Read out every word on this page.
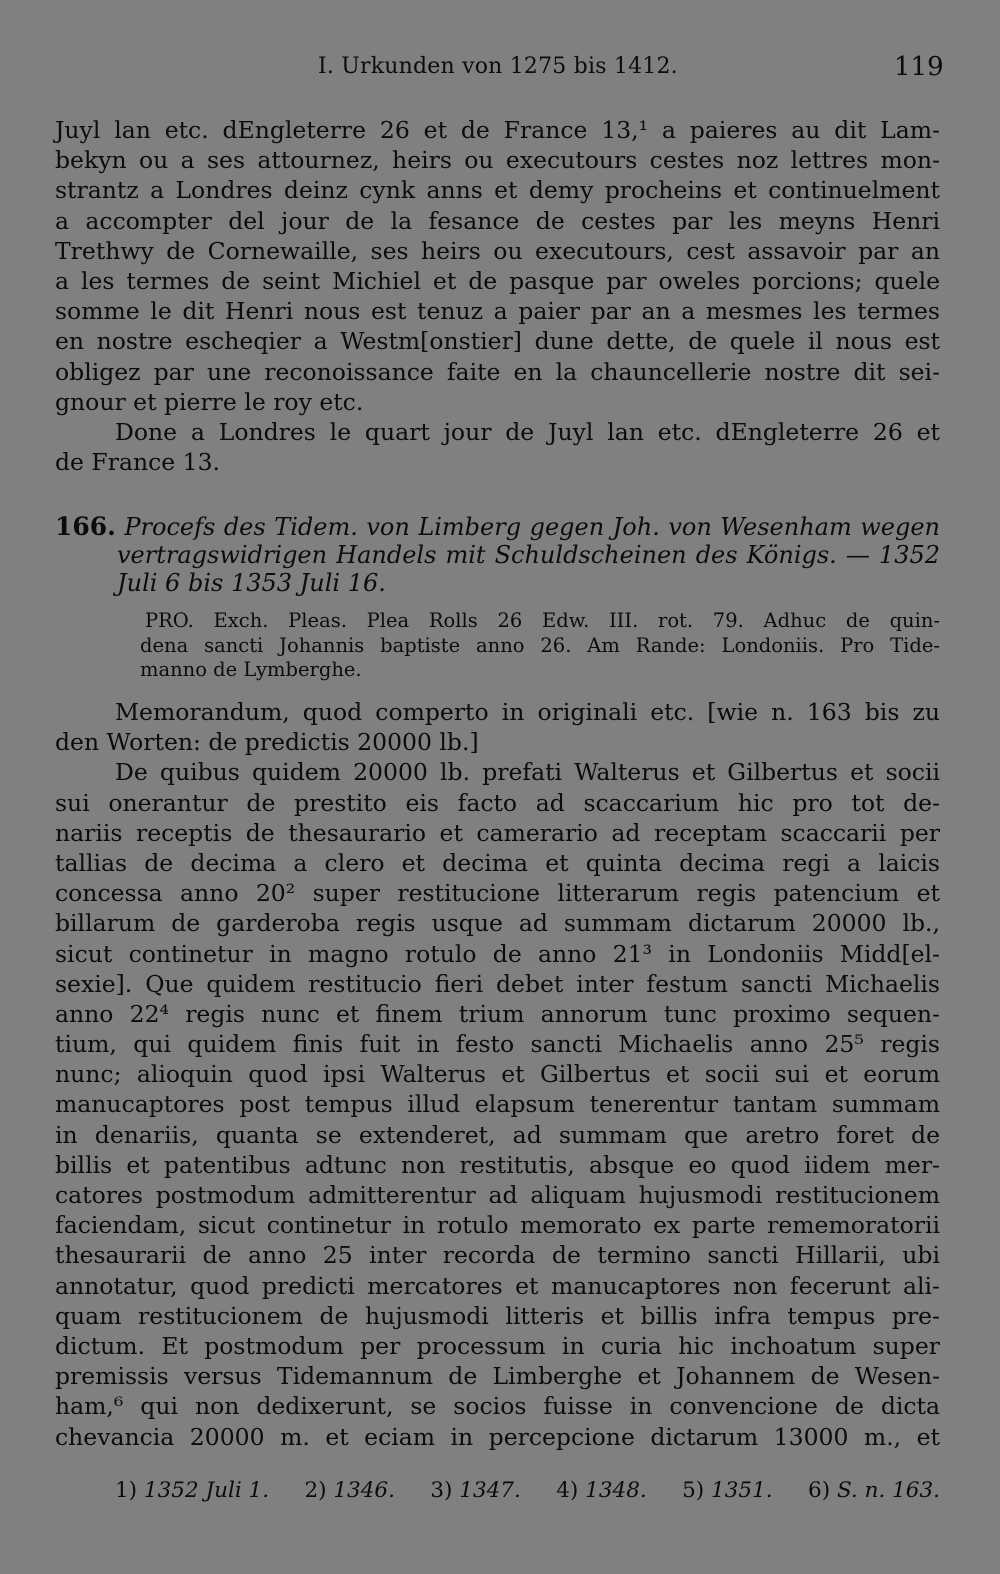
I. Urkunden von 1275 bis 1412.	119
Juyl lan etc. dEngleterre 26 et de France 13,¹ a paieres au dit Lam-
bekyn ou a ses attournez, heirs ou executours cestes noz lettres mon-
strantz a Londres deinz cynk anns et demy procheins et continuelment
a accompter del jour de la fesance de cestes par les meyns Henri
Trethwy de Cornewaille, ses heirs ou executours, cest assavoir par an
a les termes de seint Michiel et de pasque par oweles porcions; quele
somme le dit Henri nous est tenuz a paier par an a mesmes les termes
en nostre escheqier a Westm[onstier] dune dette, de quele il nous est
obligez par une reconoissance faite en la chauncellerie nostre dit sei-
gnour et pierre le roy etc.
Done a Londres le quart jour de Juyl lan etc. dEngleterre 26 et
de France 13.
166. Procefs des Tidem. von Limberg gegen Joh. von Wesenham wegen
vertragswidrigen Handels mit Schuldscheinen des Königs. — 1352
Juli 6 bis 1353 Juli 16.
PRO. Exch. Pleas. Plea Rolls 26 Edw. III. rot. 79. Adhuc de quin-
dena sancti Johannis baptiste anno 26. Am Rande: Londoniis. Pro Tide-
manno de Lymberghe.
Memorandum, quod comperto in originali etc. [wie n. 163 bis zu
den Worten: de predictis 20000 lb.]
De quibus quidem 20000 lb. prefati Walterus et Gilbertus et socii
sui onerantur de prestito eis facto ad scaccarium hic pro tot de-
nariis receptis de thesaurario et camerario ad receptam scaccarii per
tallias de decima a clero et decima et quinta decima regi a laicis
concessa anno 20² super restitucione litterarum regis patencium et
billarum de garderoba regis usque ad summam dictarum 20000 lb.,
sicut continetur in magno rotulo de anno 21³ in Londoniis Midd[el-
sexie]. Que quidem restitucio fieri debet inter festum sancti Michaelis
anno 22⁴ regis nunc et finem trium annorum tunc proximo sequen-
tium, qui quidem finis fuit in festo sancti Michaelis anno 25⁵ regis
nunc; alioquin quod ipsi Walterus et Gilbertus et socii sui et eorum
manucaptores post tempus illud elapsum tenerentur tantam summam
in denariis, quanta se extenderet, ad summam que aretro foret de
billis et patentibus adtunc non restitutis, absque eo quod iidem mer-
catores postmodum admitterentur ad aliquam hujusmodi restitucionem
faciendam, sicut continetur in rotulo memorato ex parte rememoratorii
thesaurarii de anno 25 inter recorda de termino sancti Hillarii, ubi
annotatur, quod predicti mercatores et manucaptores non fecerunt ali-
quam restitucionem de hujusmodi litteris et billis infra tempus pre-
dictum. Et postmodum per processum in curia hic inchoatum super
premissis versus Tidemannum de Limberghe et Johannem de Wesen-
ham,⁶ qui non dedixerunt, se socios fuisse in convencione de dicta
chevancia 20000 m. et eciam in percepcione dictarum 13000 m., et
1) 1352 Juli 1. 2) 1346. 3) 1347. 4) 1348. 5) 1351. 6) S. n. 163.
